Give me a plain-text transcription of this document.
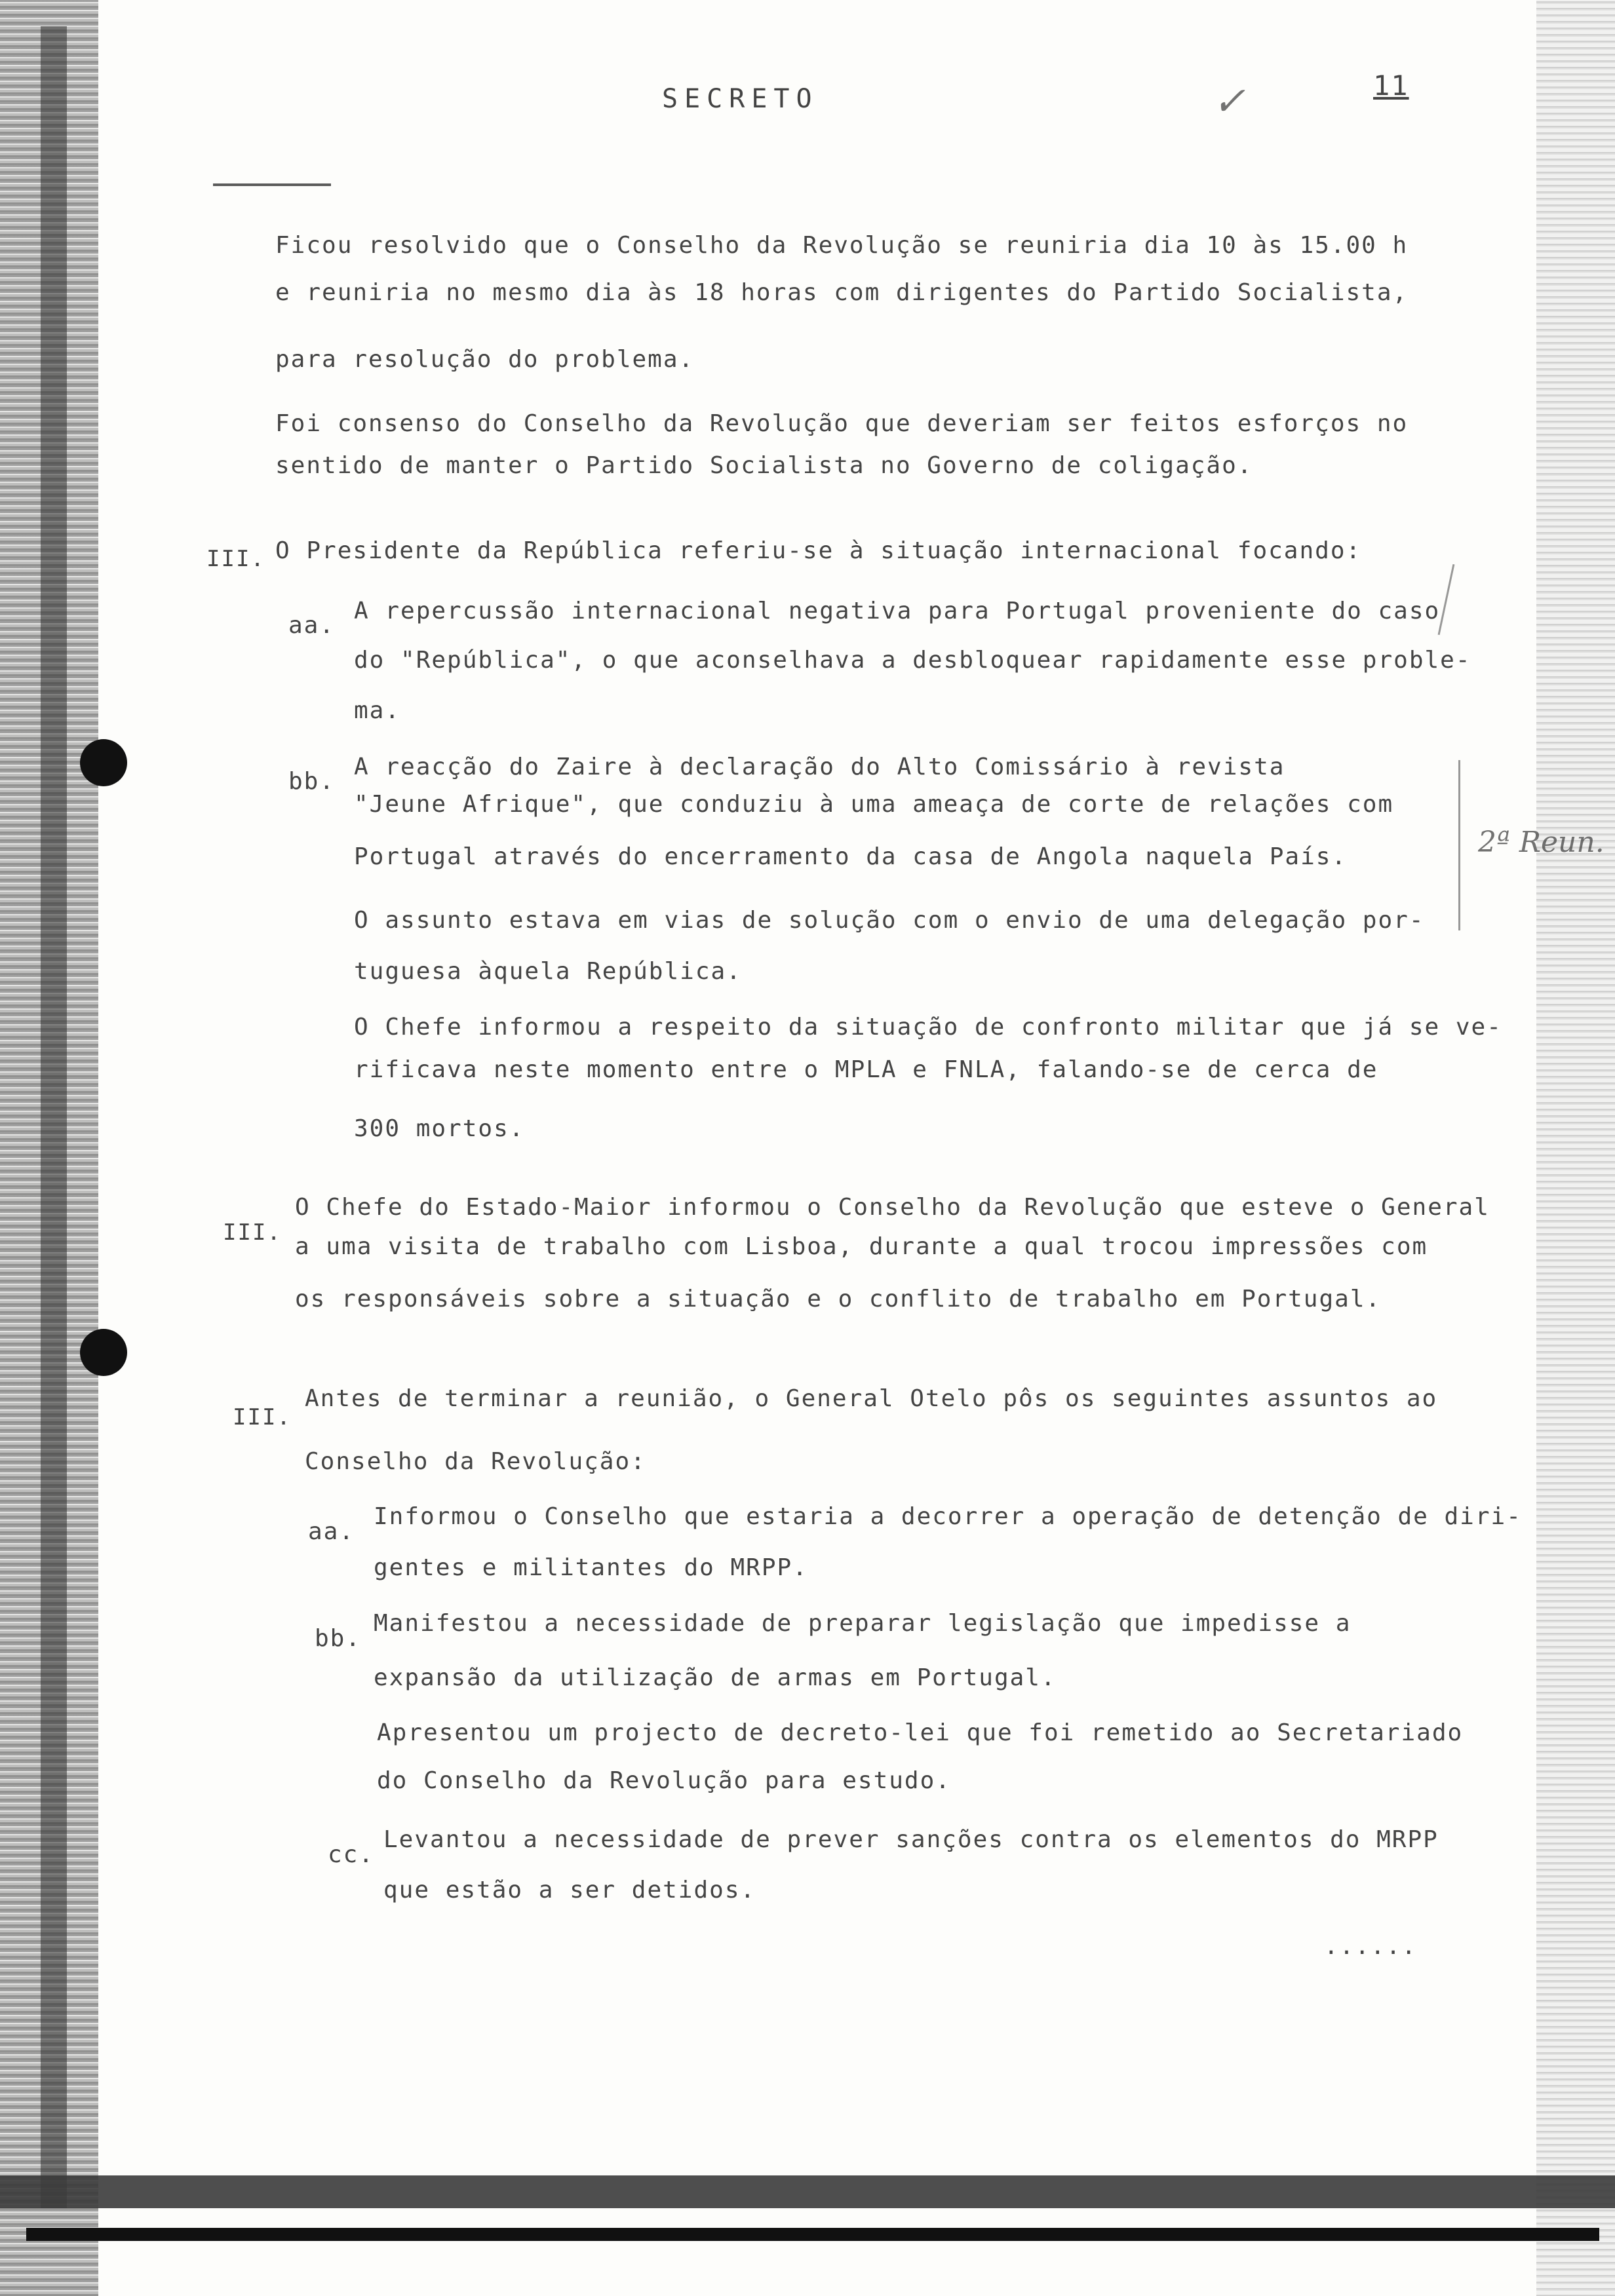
SECRETO	11

✓

Ficou resolvido que o Conselho da Revolução se reuniria dia 10 às 15.00 h

e reuniria no mesmo dia às 18 horas com dirigentes do Partido Socialista,

para resolução do problema.

Foi consenso do Conselho da Revolução que deveriam ser feitos esforços no

sentido de manter o Partido Socialista no Governo de coligação.

III. O Presidente da República referiu-se à situação internacional focando:

aa.

A repercussão internacional negativa para Portugal proveniente do caso

do "República", o que aconselhava a desbloquear rapidamente esse proble-

ma.

bb.

A reacção do Zaire à declaração do Alto Comissário à revista

"Jeune Afrique", que conduziu à uma ameaça de corte de relações com

Portugal através do encerramento da casa de Angola naquela País.

O assunto estava em vias de solução com o envio de uma delegação por-

tuguesa àquela República.

O Chefe informou a respeito da situação de confronto militar que já se ve-

rificava neste momento entre o MPLA e FNLA, falando-se de cerca de

300 mortos.

2ª Reun.

III.

O Chefe do Estado-Maior informou o Conselho da Revolução que esteve o General

a uma visita de trabalho com Lisboa, durante a qual trocou impressões com

os responsáveis sobre a situação e o conflito de trabalho em Portugal.

III.

Antes de terminar a reunião, o General Otelo pôs os seguintes assuntos ao

Conselho da Revolução:

aa.

Informou o Conselho que estaria a decorrer a operação de detenção de diri-

gentes e militantes do MRPP.

bb.

Manifestou a necessidade de preparar legislação que impedisse a

expansão da utilização de armas em Portugal.

Apresentou um projecto de decreto-lei que foi remetido ao Secretariado

do Conselho da Revolução para estudo.

cc.

Levantou a necessidade de prever sanções contra os elementos do MRPP

que estão a ser detidos.

......
